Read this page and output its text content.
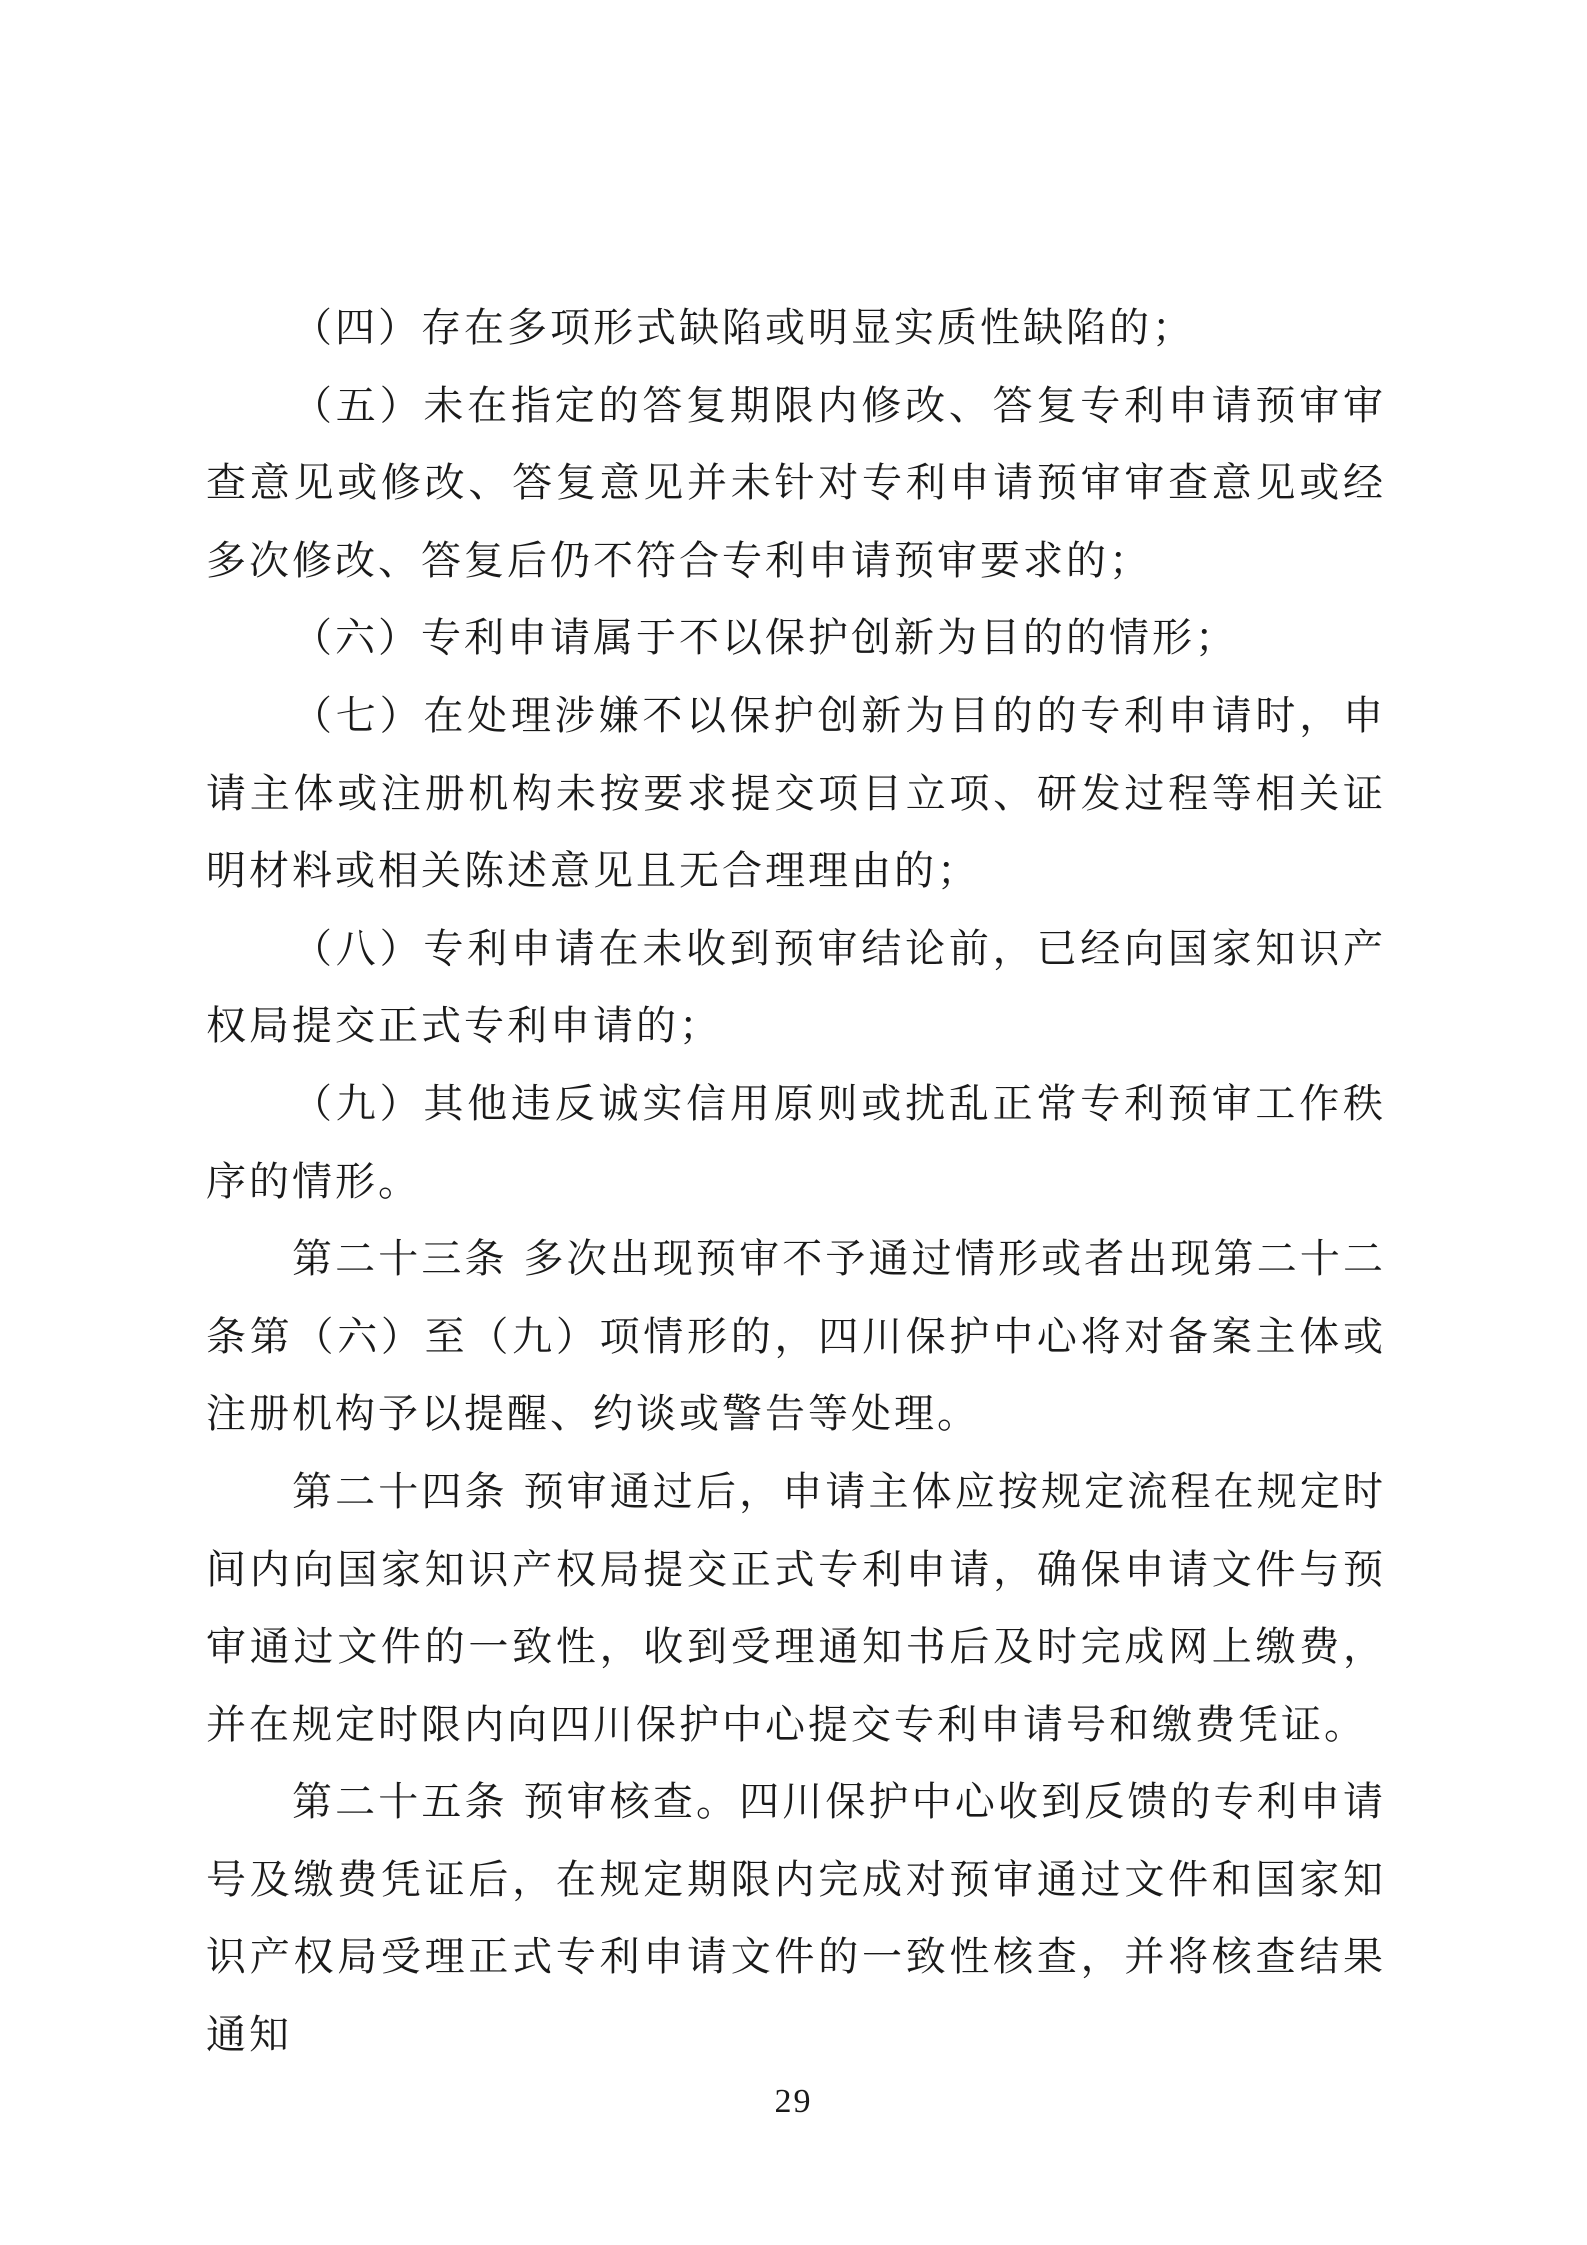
（四）存在多项形式缺陷或明显实质性缺陷的；

（五）未在指定的答复期限内修改、答复专利申请预审审查意见或修改、答复意见并未针对专利申请预审审查意见或经多次修改、答复后仍不符合专利申请预审要求的；

（六）专利申请属于不以保护创新为目的的情形；

（七）在处理涉嫌不以保护创新为目的的专利申请时，申请主体或注册机构未按要求提交项目立项、研发过程等相关证明材料或相关陈述意见且无合理理由的；

（八）专利申请在未收到预审结论前，已经向国家知识产权局提交正式专利申请的；

（九）其他违反诚实信用原则或扰乱正常专利预审工作秩序的情形。

第二十三条 多次出现预审不予通过情形或者出现第二十二条第（六）至（九）项情形的，四川保护中心将对备案主体或注册机构予以提醒、约谈或警告等处理。

第二十四条 预审通过后，申请主体应按规定流程在规定时间内向国家知识产权局提交正式专利申请，确保申请文件与预审通过文件的一致性，收到受理通知书后及时完成网上缴费，并在规定时限内向四川保护中心提交专利申请号和缴费凭证。

第二十五条 预审核查。四川保护中心收到反馈的专利申请号及缴费凭证后，在规定期限内完成对预审通过文件和国家知识产权局受理正式专利申请文件的一致性核查，并将核查结果通知

29
